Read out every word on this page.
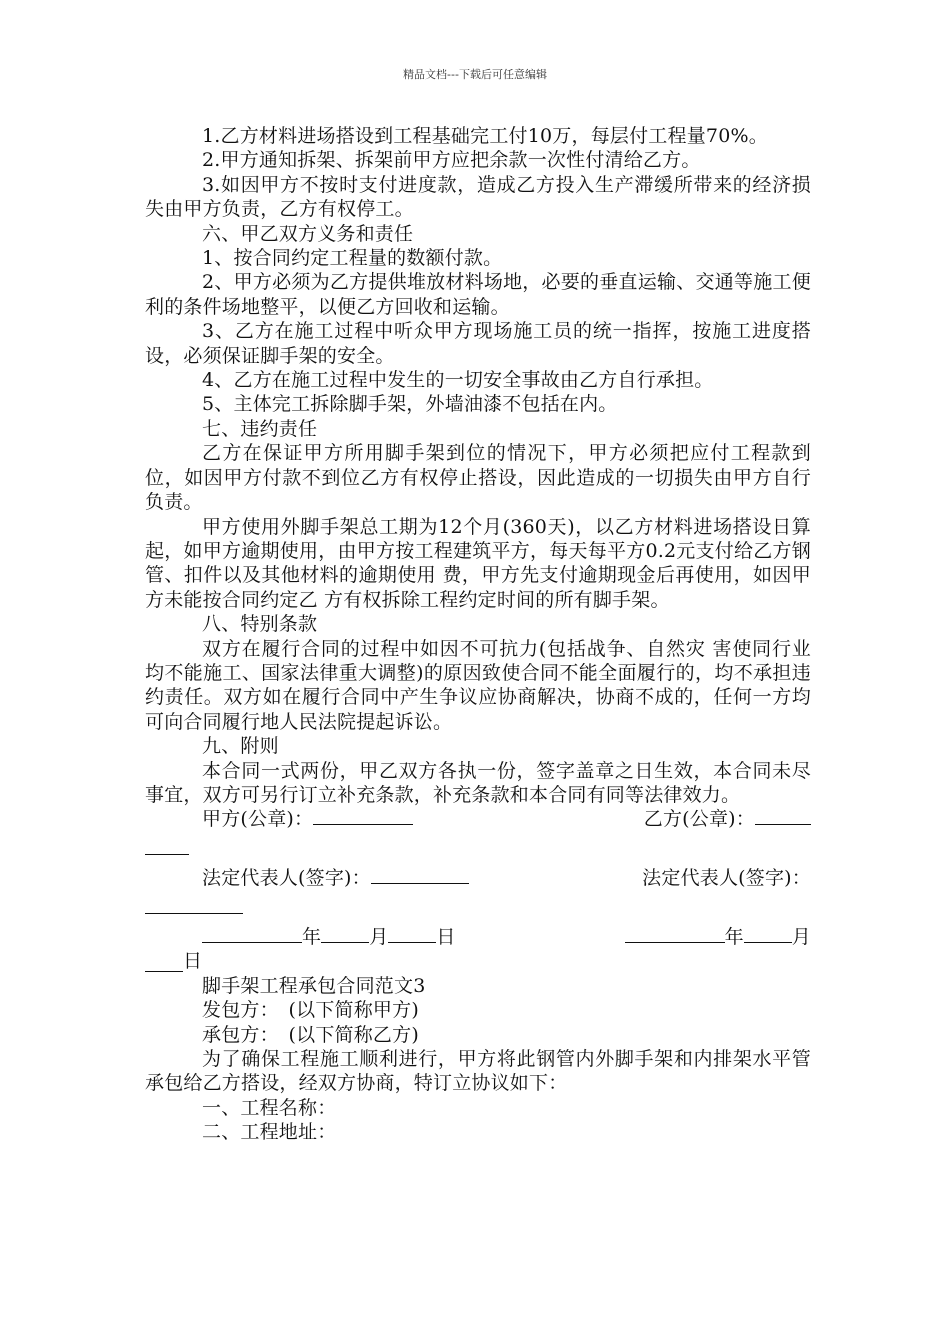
精品文档---下载后可任意编辑

1.乙方材料进场搭设到工程基础完工付10万，每层付工程量70%。

2.甲方通知拆架、拆架前甲方应把余款一次性付清给乙方。

3.如因甲方不按时支付进度款，造成乙方投入生产滞缓所带来的经济损失由甲方负责，乙方有权停工。

六、甲乙双方义务和责任

1、按合同约定工程量的数额付款。

2、甲方必须为乙方提供堆放材料场地，必要的垂直运输、交通等施工便利的条件场地整平，以便乙方回收和运输。

3、乙方在施工过程中听众甲方现场施工员的统一指挥，按施工进度搭设，必须保证脚手架的安全。

4、乙方在施工过程中发生的一切安全事故由乙方自行承担。

5、主体完工拆除脚手架，外墙油漆不包括在内。

七、违约责任

乙方在保证甲方所用脚手架到位的情况下，甲方必须把应付工程款到位，如因甲方付款不到位乙方有权停止搭设，因此造成的一切损失由甲方自行负责。

甲方使用外脚手架总工期为12个月(360天)，以乙方材料进场搭设日算起，如甲方逾期使用，由甲方按工程建筑平方，每天每平方0.2元支付给乙方钢管、扣件以及其他材料的逾期使用 费，甲方先支付逾期现金后再使用，如因甲方未能按合同约定乙 方有权拆除工程约定时间的所有脚手架。

八、特别条款

双方在履行合同的过程中如因不可抗力(包括战争、自然灾 害使同行业均不能施工、国家法律重大调整)的原因致使合同不能全面履行的，均不承担违约责任。双方如在履行合同中产生争议应协商解决，协商不成的，任何一方均可向合同履行地人民法院提起诉讼。

九、附则

本合同一式两份，甲乙双方各执一份，签字盖章之日生效，本合同未尽事宜，双方可另行订立补充条款，补充条款和本合同有同等法律效力。

甲方(公章)：	乙方(公章)：
法定代表人(签字)：	法定代表人(签字)：
年	月	日	年	月
日

脚手架工程承包合同范文3

发包方：　(以下简称甲方)

承包方：　(以下简称乙方)

为了确保工程施工顺利进行，甲方将此钢管内外脚手架和内排架水平管承包给乙方搭设，经双方协商，特订立协议如下：

一、工程名称：

二、工程地址：
